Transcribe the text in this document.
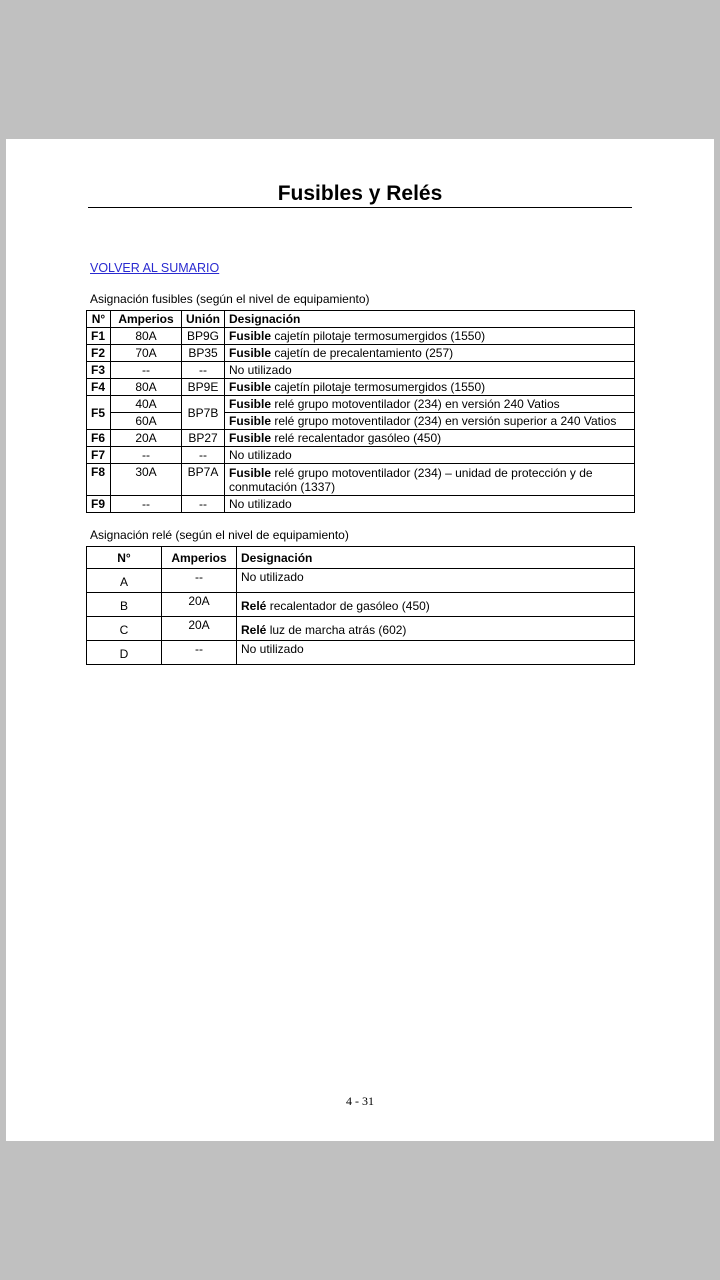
Fusibles y Relés
VOLVER AL SUMARIO
Asignación fusibles (según el nivel de equipamiento)
N°	Amperios	Unión	Designación
F1	80A	BP9G	Fusible cajetín pilotaje termosumergidos (1550)
F2	70A	BP35	Fusible cajetín de precalentamiento (257)
F3	--	--	No utilizado
F4	80A	BP9E	Fusible cajetín pilotaje termosumergidos (1550)
F5	40A	BP7B	Fusible relé grupo motoventilador (234) en versión 240 Vatios
	60A		Fusible relé grupo motoventilador (234) en versión superior a 240 Vatios
F6	20A	BP27	Fusible relé recalentador gasóleo (450)
F7	--	--	No utilizado
F8	30A	BP7A	Fusible relé grupo motoventilador (234) – unidad de protección y de conmutación (1337)
F9	--	--	No utilizado
Asignación relé (según el nivel de equipamiento)
N°	Amperios	Designación
A	--	No utilizado
B	20A	Relé recalentador de gasóleo (450)
C	20A	Relé luz de marcha atrás (602)
D	--	No utilizado
4 - 31
